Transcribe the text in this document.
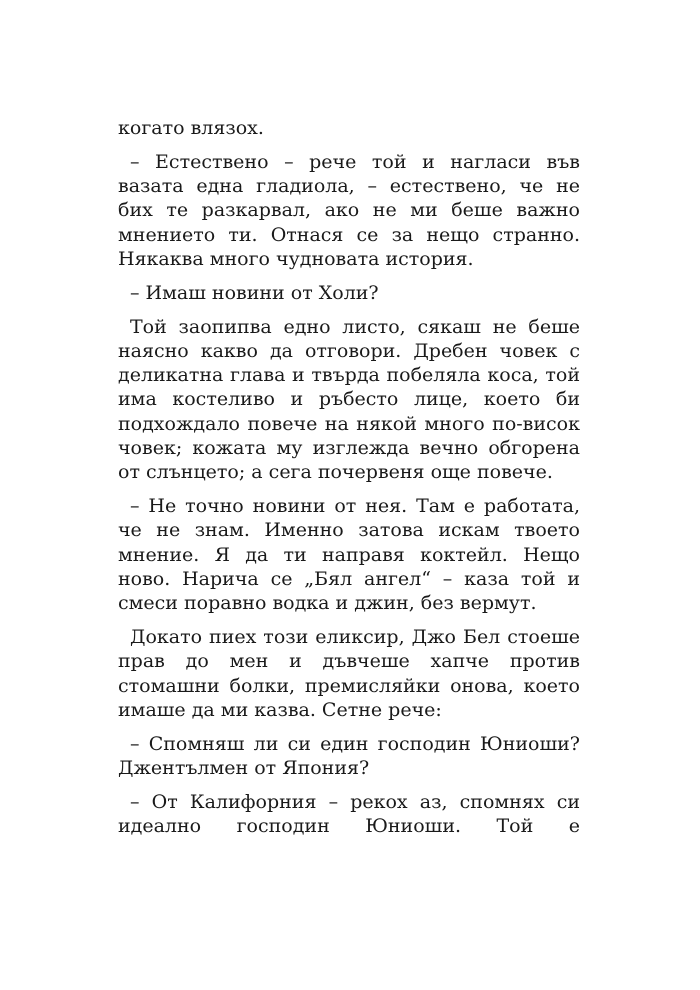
когато влязох.

– Естествено – рече той и нагласи във вазата една гладиола, – естествено, че не бих те разкарвал, ако не ми беше важно мнението ти. Отнася се за нещо странно. Някаква много чудновата история.

– Имаш новини от Холи?

Той заопипва едно листо, сякаш не беше наясно какво да отговори. Дребен човек с деликатна глава и твърда побеляла коса, той има костеливо и ръбесто лице, което би подхождало повече на някой много по-висок човек; кожата му изглежда вечно обгорена от слънцето; а сега почервеня още повече.

– Не точно новини от нея. Там е работата, че не знам. Именно затова искам твоето мнение. Я да ти направя коктейл. Нещо ново. Нарича се „Бял ангел“ – каза той и смеси поравно водка и джин, без вермут.

Докато пиех този еликсир, Джо Бел стоеше прав до мен и дъвчеше хапче против стомашни болки, премисляйки онова, което имаше да ми казва. Сетне рече:

– Спомняш ли си един господин Юниоши? Джентълмен от Япония?

– От Калифорния – рекох аз, спомнях си идеално господин Юниоши. Той е
